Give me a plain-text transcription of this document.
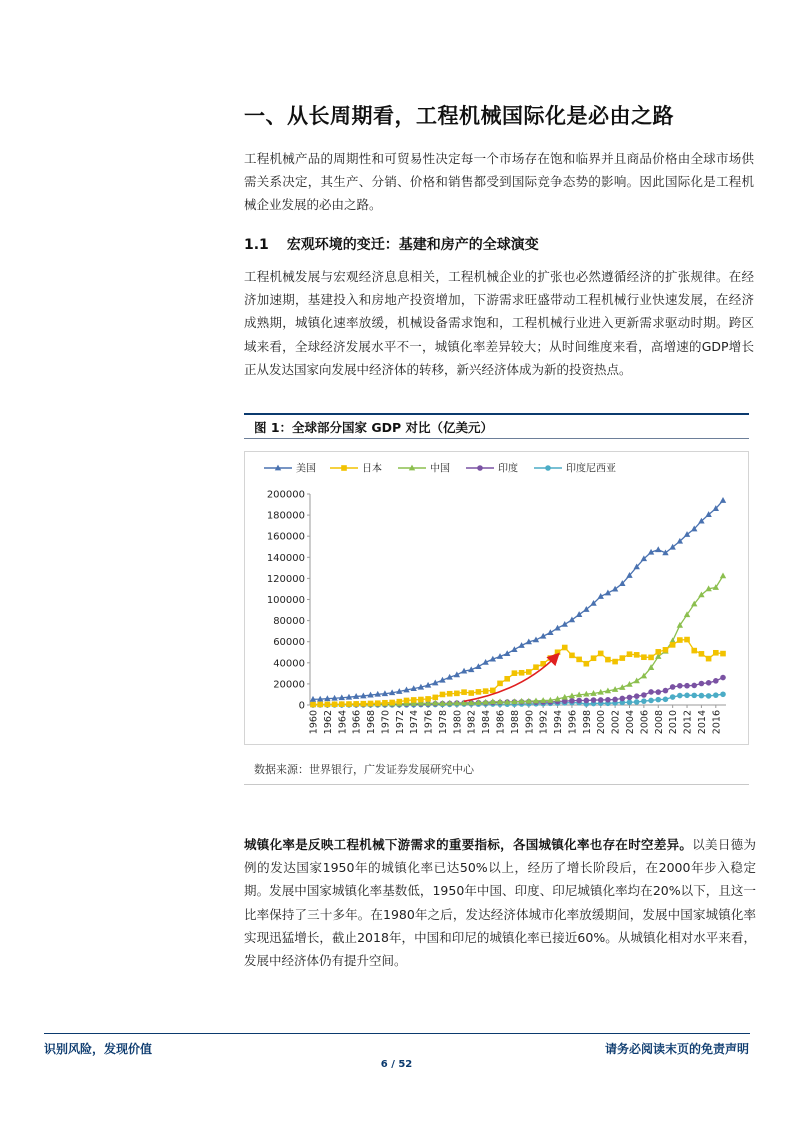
一、从长周期看，工程机械国际化是必由之路
工程机械产品的周期性和可贸易性决定每一个市场存在饱和临界并且商品价格由全球市场供需关系决定，其生产、分销、价格和销售都受到国际竞争态势的影响。因此国际化是工程机械企业发展的必由之路。
1.1 宏观环境的变迁：基建和房产的全球演变
工程机械发展与宏观经济息息相关，工程机械企业的扩张也必然遵循经济的扩张规律。在经济加速期，基建投入和房地产投资增加，下游需求旺盛带动工程机械行业快速发展，在经济成熟期，城镇化速率放缓，机械设备需求饱和，工程机械行业进入更新需求驱动时期。跨区域来看，全球经济发展水平不一，城镇化率差异较大；从时间维度来看，高增速的GDP增长正从发达国家向发展中经济体的转移，新兴经济体成为新的投资热点。
图 1：全球部分国家 GDP 对比（亿美元）
美国	日本	中国	印度	印度尼西亚
0
20000
40000
60000
80000
100000
120000
140000
160000
180000
200000
1960 1962 1964 1966 1968 1970 1972 1974 1976 1978 1980 1982 1984 1986 1988 1990 1992 1994 1996 1998 2000 2002 2004 2006 2008 2010 2012 2014 2016
数据来源：世界银行，广发证券发展研究中心
城镇化率是反映工程机械下游需求的重要指标，各国城镇化率也存在时空差异。以美日德为例的发达国家1950年的城镇化率已达50%以上，经历了增长阶段后，在2000年步入稳定期。发展中国家城镇化率基数低，1950年中国、印度、印尼城镇化率均在20%以下，且这一比率保持了三十多年。在1980年之后，发达经济体城市化率放缓期间，发展中国家城镇化率实现迅猛增长，截止2018年，中国和印尼的城镇化率已接近60%。从城镇化相对水平来看，发展中经济体仍有提升空间。
识别风险，发现价值	请务必阅读末页的免责声明
6 / 52
